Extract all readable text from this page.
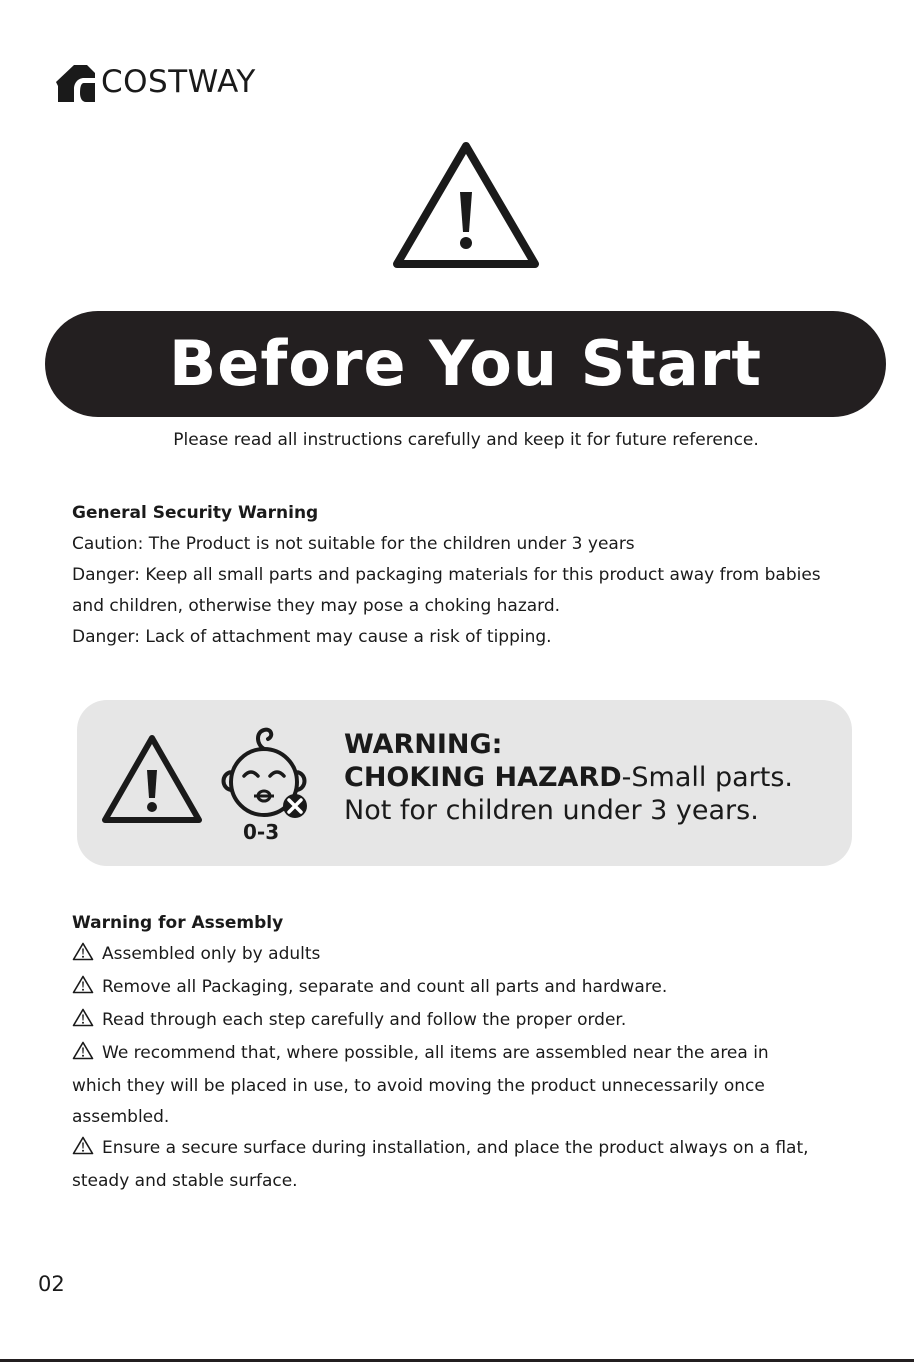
COSTWAY
Before You Start
Please read all instructions carefully and keep it for future reference.

General Security Warning

Caution: The Product is not suitable for the children under 3 years

Danger: Keep all small parts and packaging materials for this product away from babies

and children, otherwise they may pose a choking hazard.

Danger: Lack of attachment may cause a risk of tipping.

0-3
WARNING:
CHOKING HAZARD-Small parts.
Not for children under 3 years.

Warning for Assembly

Assembled only by adults

Remove all Packaging, separate and count all parts and hardware.

Read through each step carefully and follow the proper order.

We recommend that, where possible, all items are assembled near the area in

which they will be placed in use, to avoid moving the product unnecessarily once

assembled.

Ensure a secure surface during installation, and place the product always on a flat,

steady and stable surface.

02
